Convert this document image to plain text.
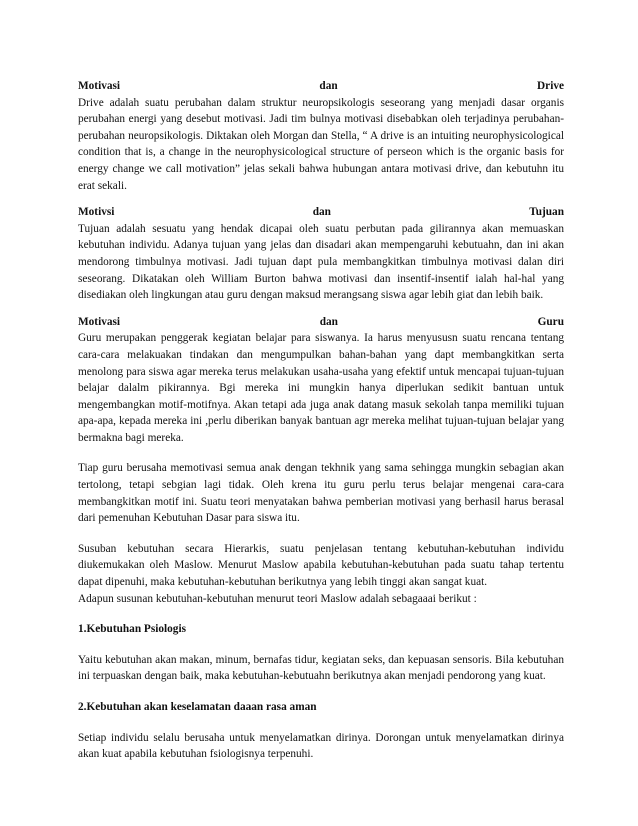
Motivasi	dan	Drive

Drive adalah suatu perubahan dalam struktur neuropsikologis seseorang yang menjadi dasar organis perubahan energi yang desebut motivasi. Jadi tim bulnya motivasi disebabkan oleh terjadinya perubahan-perubahan neuropsikologis. Diktakan oleh Morgan dan Stella, “ A drive is an intuiting neurophysicological condition that is, a change in the neurophysicological structure of perseon which is the organic basis for energy change we call motivation” jelas sekali bahwa hubungan antara motivasi drive, dan kebutuhn itu erat sekali.

Motivsi	dan	Tujuan

Tujuan adalah sesuatu yang hendak dicapai oleh suatu perbutan pada gilirannya akan memuaskan kebutuhan individu. Adanya tujuan yang jelas dan disadari akan mempengaruhi kebutuahn, dan ini akan mendorong timbulnya motivasi. Jadi tujuan dapt pula membangkitkan timbulnya motivasi dalan diri seseorang. Dikatakan oleh William Burton bahwa motivasi dan insentif-insentif ialah hal-hal yang disediakan oleh lingkungan atau guru dengan maksud merangsang siswa agar lebih giat dan lebih baik.

Motivasi	dan	Guru

Guru merupakan penggerak kegiatan belajar para siswanya. Ia harus menyususn suatu rencana tentang cara-cara melakuakan tindakan dan mengumpulkan bahan-bahan yang dapt membangkitkan serta menolong para siswa agar mereka terus melakukan usaha-usaha yang efektif untuk mencapai tujuan-tujuan belajar dalalm pikirannya. Bgi mereka ini mungkin hanya diperlukan sedikit bantuan untuk mengembangkan motif-motifnya. Akan tetapi ada juga anak datang masuk sekolah tanpa memiliki tujuan apa-apa, kepada mereka ini ,perlu diberikan banyak bantuan agr mereka melihat tujuan-tujuan belajar yang bermakna bagi mereka.

Tiap guru berusaha memotivasi semua anak dengan tekhnik yang sama sehingga mungkin sebagian akan tertolong, tetapi sebgian lagi tidak. Oleh krena itu guru perlu terus belajar mengenai cara-cara membangkitkan motif ini. Suatu teori menyatakan bahwa pemberian motivasi yang berhasil harus berasal dari pemenuhan Kebutuhan Dasar para siswa itu.

Susuban kebutuhan secara Hierarkis, suatu penjelasan tentang kebutuhan-kebutuhan individu diukemukakan oleh Maslow. Menurut Maslow apabila kebutuhan-kebutuhan pada suatu tahap tertentu dapat dipenuhi, maka kebutuhan-kebutuhan berikutnya yang lebih tinggi akan sangat kuat.

Adapun susunan kebutuhan-kebutuhan menurut teori Maslow adalah sebagaaai berikut :

1.Kebutuhan Psiologis

Yaitu kebutuhan akan makan, minum, bernafas tidur, kegiatan seks, dan kepuasan sensoris. Bila kebutuhan ini terpuaskan dengan baik, maka kebutuhan-kebutuahn berikutnya akan menjadi pendorong yang kuat.

2.Kebutuhan akan keselamatan daaan rasa aman

Setiap individu selalu berusaha untuk menyelamatkan dirinya. Dorongan untuk menyelamatkan dirinya akan kuat apabila kebutuhan fsiologisnya terpenuhi.
